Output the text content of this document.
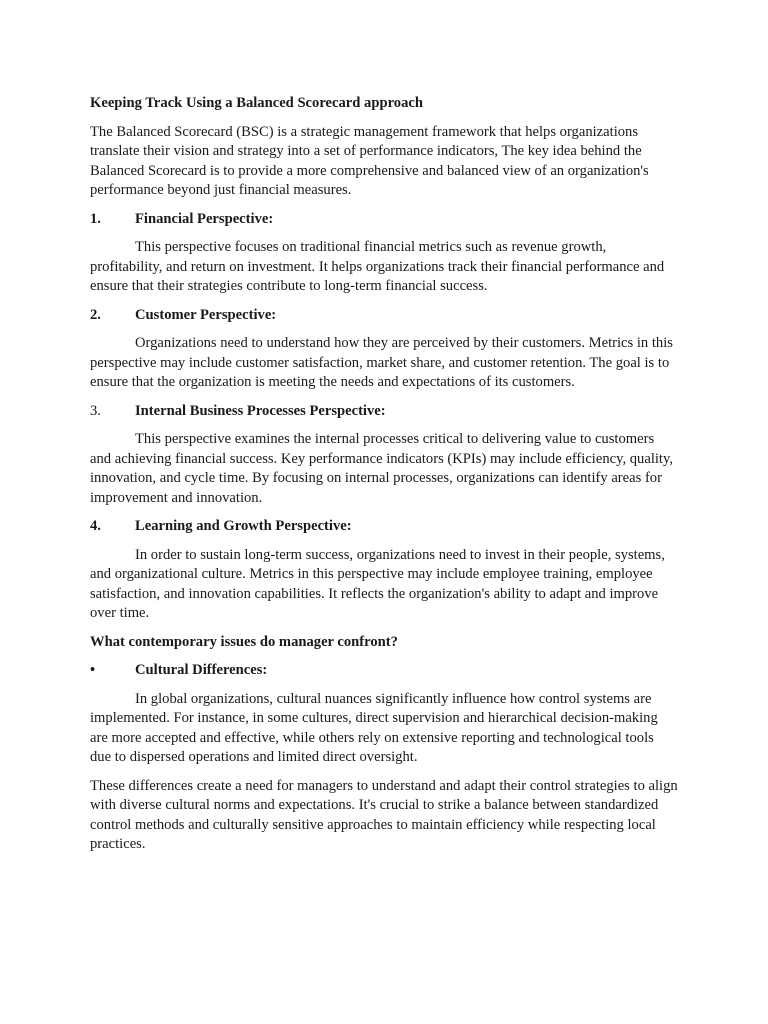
Keeping Track Using a Balanced Scorecard approach

The Balanced Scorecard (BSC) is a strategic management framework that helps organizations translate their vision and strategy into a set of performance indicators, The key idea behind the Balanced Scorecard is to provide a more comprehensive and balanced view of an organization's performance beyond just financial measures.

1.	Financial Perspective:

This perspective focuses on traditional financial metrics such as revenue growth, profitability, and return on investment. It helps organizations track their financial performance and ensure that their strategies contribute to long-term financial success.

2.	Customer Perspective:

Organizations need to understand how they are perceived by their customers. Metrics in this perspective may include customer satisfaction, market share, and customer retention. The goal is to ensure that the organization is meeting the needs and expectations of its customers.

3.	Internal Business Processes Perspective:

This perspective examines the internal processes critical to delivering value to customers and achieving financial success. Key performance indicators (KPIs) may include efficiency, quality, innovation, and cycle time. By focusing on internal processes, organizations can identify areas for improvement and innovation.

4.	Learning and Growth Perspective:

In order to sustain long-term success, organizations need to invest in their people, systems, and organizational culture. Metrics in this perspective may include employee training, employee satisfaction, and innovation capabilities. It reflects the organization's ability to adapt and improve over time.

What contemporary issues do manager confront?
•	Cultural Differences:

In global organizations, cultural nuances significantly influence how control systems are implemented. For instance, in some cultures, direct supervision and hierarchical decision-making are more accepted and effective, while others rely on extensive reporting and technological tools due to dispersed operations and limited direct oversight.

These differences create a need for managers to understand and adapt their control strategies to align with diverse cultural norms and expectations. It's crucial to strike a balance between standardized control methods and culturally sensitive approaches to maintain efficiency while respecting local practices.
